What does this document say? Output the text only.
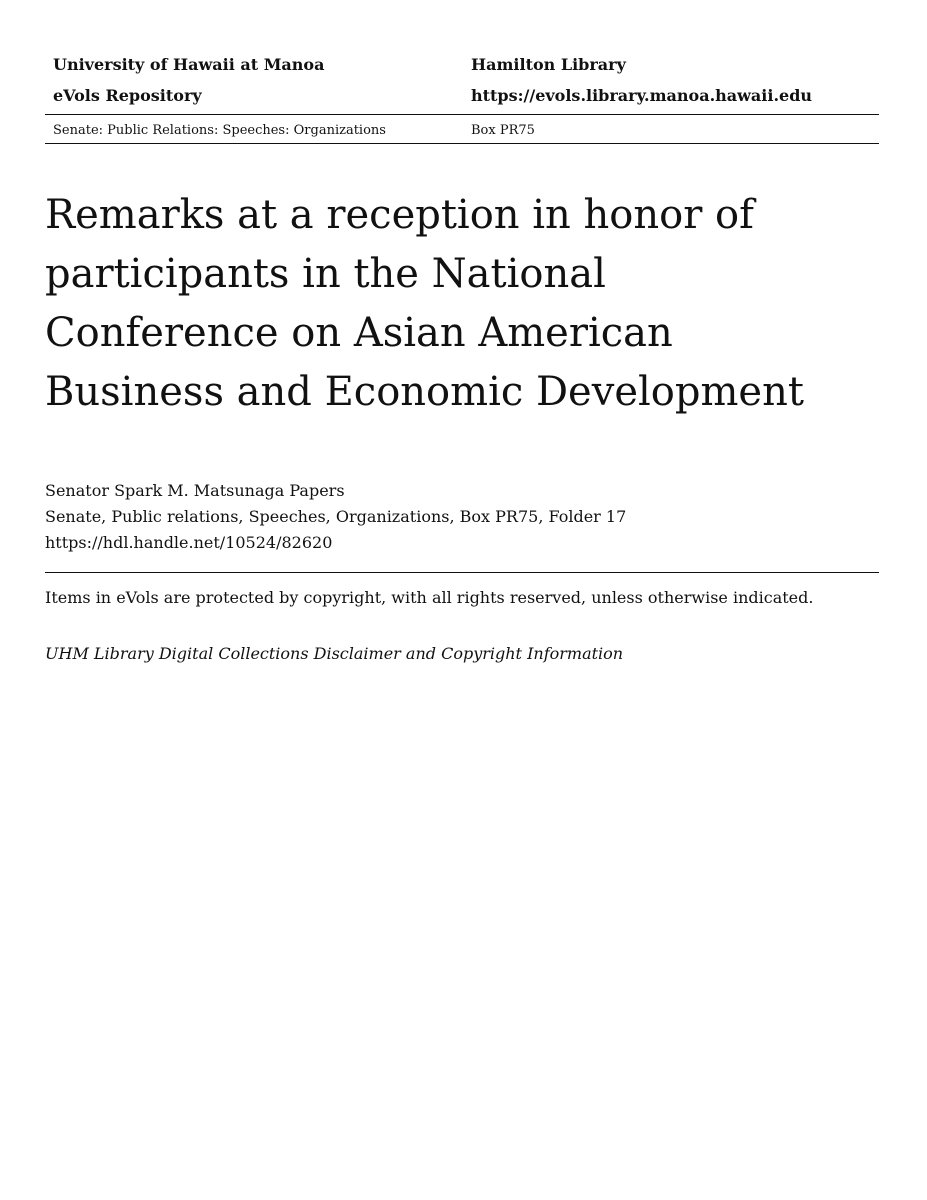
University of Hawaii at Manoa	Hamilton Library
eVols Repository	https://evols.library.manoa.hawaii.edu
Senate: Public Relations: Speeches: Organizations	Box PR75
Remarks at a reception in honor of participants in the National Conference on Asian American Business and Economic Development
Senator Spark M. Matsunaga Papers
Senate, Public relations, Speeches, Organizations, Box PR75, Folder 17
https://hdl.handle.net/10524/82620
Items in eVols are protected by copyright, with all rights reserved, unless otherwise indicated.
UHM Library Digital Collections Disclaimer and Copyright Information
